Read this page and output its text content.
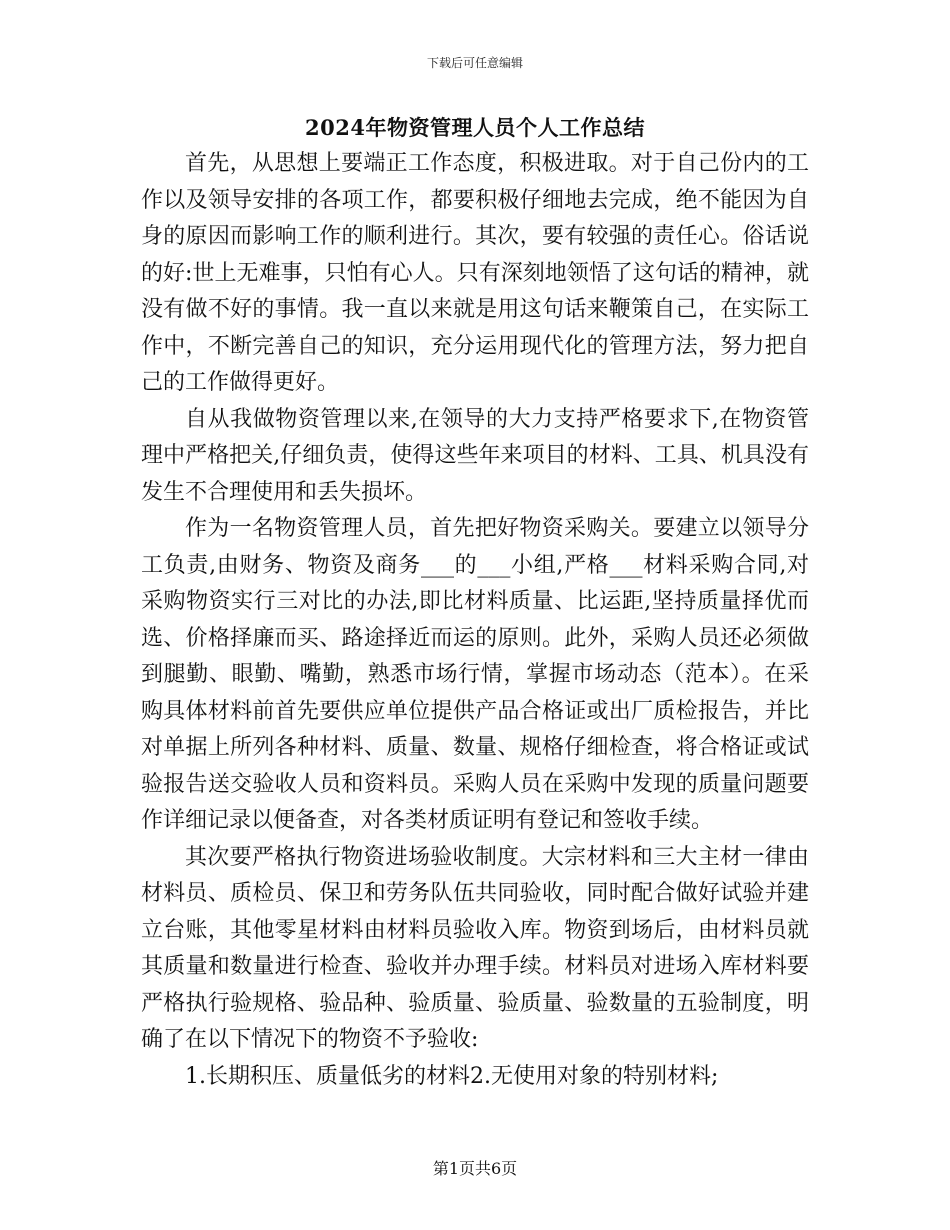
下载后可任意编辑
2024年物资管理人员个人工作总结

首先，从思想上要端正工作态度，积极进取。对于自己份内的工作以及领导安排的各项工作，都要积极仔细地去完成，绝不能因为自身的原因而影响工作的顺利进行。其次，要有较强的责任心。俗话说的好:世上无难事，只怕有心人。只有深刻地领悟了这句话的精神，就没有做不好的事情。我一直以来就是用这句话来鞭策自己，在实际工作中，不断完善自己的知识，充分运用现代化的管理方法，努力把自己的工作做得更好。

自从我做物资管理以来,在领导的大力支持严格要求下,在物资管理中严格把关,仔细负责，使得这些年来项目的材料、工具、机具没有发生不合理使用和丢失损坏。

作为一名物资管理人员，首先把好物资采购关。要建立以领导分工负责,由财务、物资及商务___的___小组,严格___材料采购合同,对采购物资实行三对比的办法,即比材料质量、比运距,坚持质量择优而选、价格择廉而买、路途择近而运的原则。此外，采购人员还必须做到腿勤、眼勤、嘴勤，熟悉市场行情，掌握市场动态（范本）。在采购具体材料前首先要供应单位提供产品合格证或出厂质检报告，并比对单据上所列各种材料、质量、数量、规格仔细检查，将合格证或试验报告送交验收人员和资料员。采购人员在采购中发现的质量问题要作详细记录以便备查，对各类材质证明有登记和签收手续。

其次要严格执行物资进场验收制度。大宗材料和三大主材一律由材料员、质检员、保卫和劳务队伍共同验收，同时配合做好试验并建立台账，其他零星材料由材料员验收入库。物资到场后，由材料员就其质量和数量进行检查、验收并办理手续。材料员对进场入库材料要严格执行验规格、验品种、验质量、验质量、验数量的五验制度，明确了在以下情况下的物资不予验收:

1.长期积压、质量低劣的材料2.无使用对象的特别材料;

第1页共6页
